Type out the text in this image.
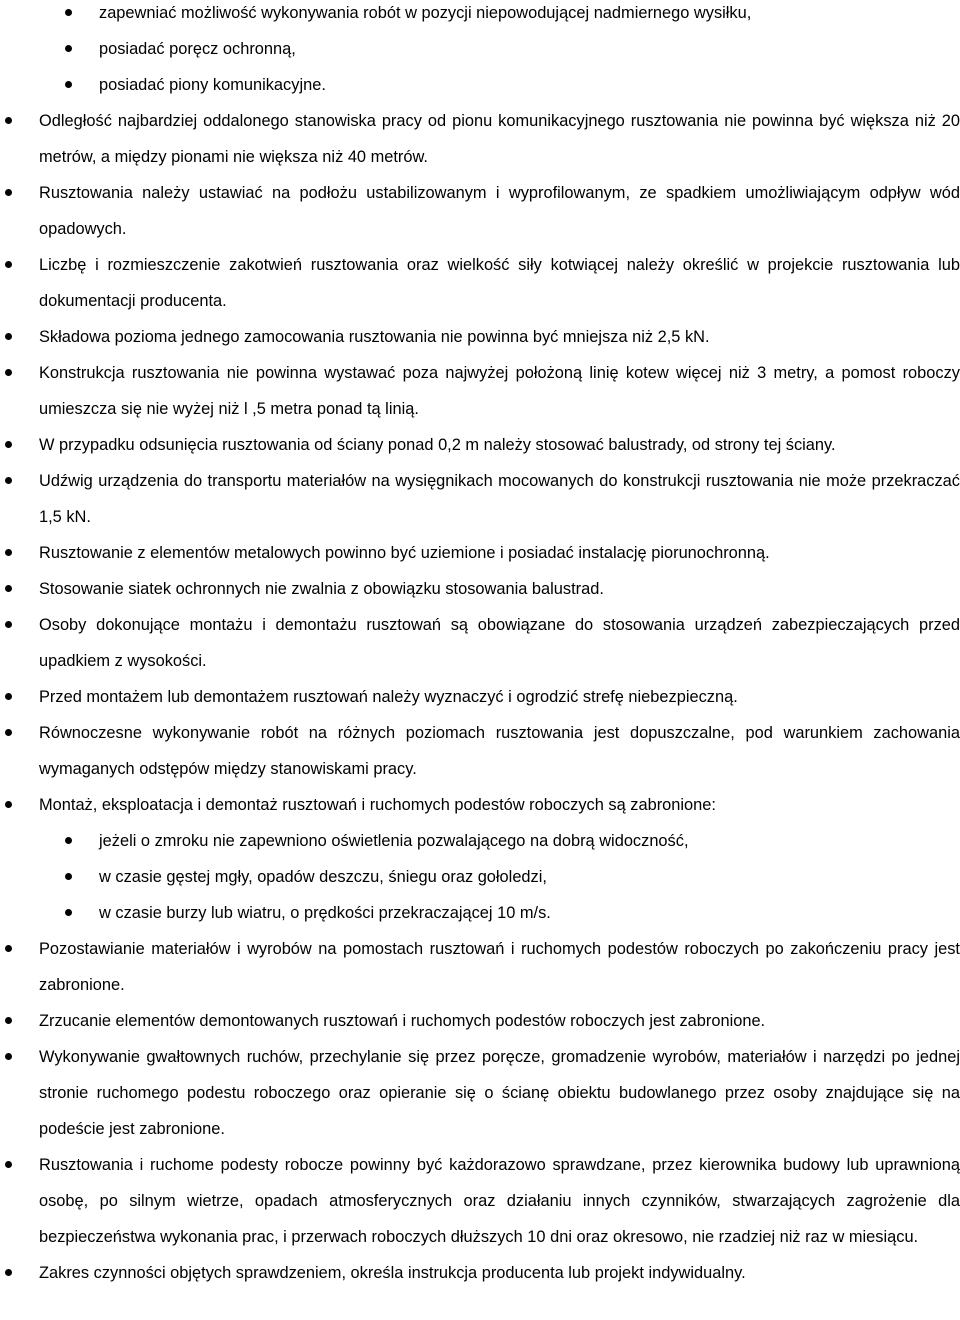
zapewniać możliwość wykonywania robót w pozycji niepowodującej nadmiernego wysiłku,
posiadać poręcz ochronną,
posiadać piony komunikacyjne.
Odległość najbardziej oddalonego stanowiska pracy od pionu komunikacyjnego rusztowania nie powinna być większa niż 20 metrów, a między pionami nie większa niż 40 metrów.
Rusztowania należy ustawiać na podłożu ustabilizowanym i wyprofilowanym, ze spadkiem umożliwiającym odpływ wód opadowych.
Liczbę i rozmieszczenie zakotwień rusztowania oraz wielkość siły kotwiącej należy określić w projekcie rusztowania lub dokumentacji producenta.
Składowa pozioma jednego zamocowania rusztowania nie powinna być mniejsza niż 2,5 kN.
Konstrukcja rusztowania nie powinna wystawać poza najwyżej położoną linię kotew więcej niż 3 metry, a pomost roboczy umieszcza się nie wyżej niż l ,5 metra ponad tą linią.
W przypadku odsunięcia rusztowania od ściany ponad 0,2 m należy stosować balustrady, od strony tej ściany.
Udźwig urządzenia do transportu materiałów na wysięgnikach mocowanych do konstrukcji rusztowania nie może przekraczać 1,5 kN.
Rusztowanie z elementów metalowych powinno być uziemione i posiadać instalację piorunochronną.
Stosowanie siatek ochronnych nie zwalnia z obowiązku stosowania balustrad.
Osoby dokonujące montażu i demontażu rusztowań są obowiązane do stosowania urządzeń zabezpieczających przed upadkiem z wysokości.
Przed montażem lub demontażem rusztowań należy wyznaczyć i ogrodzić strefę niebezpieczną.
Równoczesne wykonywanie robót na różnych poziomach rusztowania jest dopuszczalne, pod warunkiem zachowania wymaganych odstępów między stanowiskami pracy.
Montaż, eksploatacja i demontaż rusztowań i ruchomych podestów roboczych są zabronione:
jeżeli o zmroku nie zapewniono oświetlenia pozwalającego na dobrą widoczność,
w czasie gęstej mgły, opadów deszczu, śniegu oraz gołoledzi,
w czasie burzy lub wiatru, o prędkości przekraczającej 10 m/s.
Pozostawianie materiałów i wyrobów na pomostach rusztowań i ruchomych podestów roboczych po zakończeniu pracy jest zabronione.
Zrzucanie elementów demontowanych rusztowań i ruchomych podestów roboczych jest zabronione.
Wykonywanie gwałtownych ruchów, przechylanie się przez poręcze, gromadzenie wyrobów, materiałów i narzędzi po jednej stronie ruchomego podestu roboczego oraz opieranie się o ścianę obiektu budowlanego przez osoby znajdujące się na podeście jest zabronione.
Rusztowania i ruchome podesty robocze powinny być każdorazowo sprawdzane, przez kierownika budowy lub uprawnioną osobę, po silnym wietrze, opadach atmosferycznych oraz działaniu innych czynników, stwarzających zagrożenie dla bezpieczeństwa wykonania prac, i przerwach roboczych dłuższych 10 dni oraz okresowo, nie rzadziej niż raz w miesiącu.
Zakres czynności objętych sprawdzeniem, określa instrukcja producenta lub projekt indywidualny.
